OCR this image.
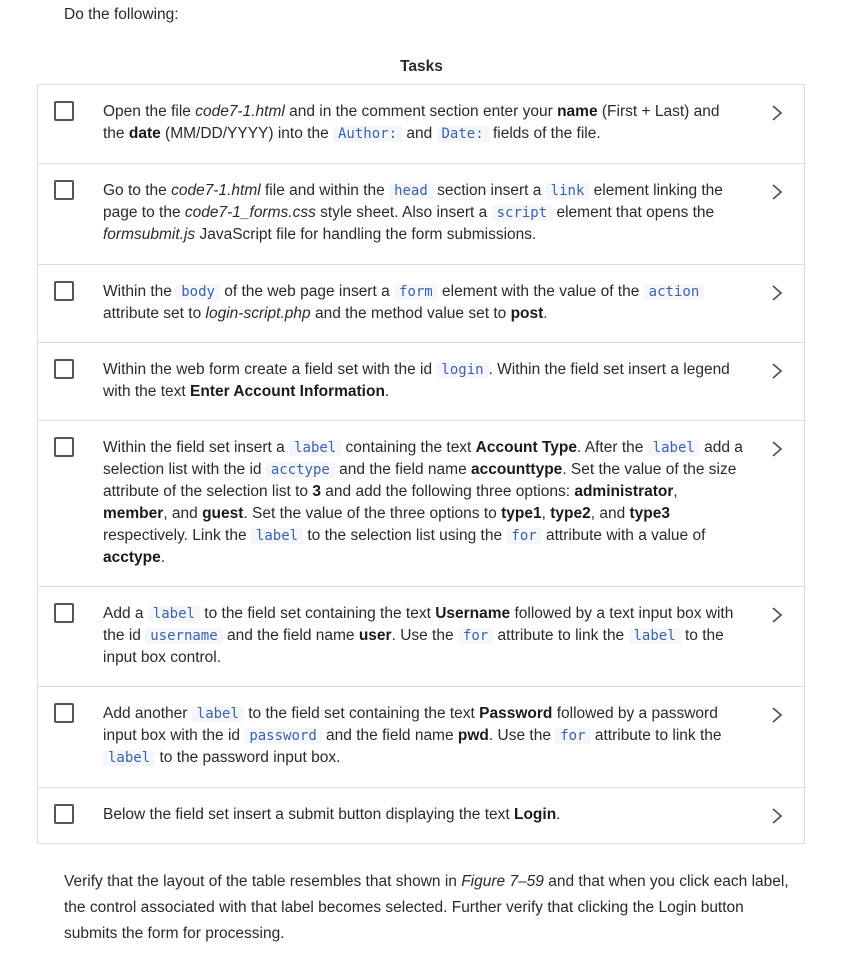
Do the following:
Tasks
Open the file code7-1.html and in the comment section enter your name (First + Last) and the date (MM/DD/YYYY) into the Author: and Date: fields of the file.
Go to the code7-1.html file and within the head section insert a link element linking the page to the code7-1_forms.css style sheet. Also insert a script element that opens the formsubmit.js JavaScript file for handling the form submissions.
Within the body of the web page insert a form element with the value of the action attribute set to login-script.php and the method value set to post.
Within the web form create a field set with the id login . Within the field set insert a legend with the text Enter Account Information.
Within the field set insert a label containing the text Account Type. After the label add a selection list with the id acctype and the field name accounttype. Set the value of the size attribute of the selection list to 3 and add the following three options: administrator, member, and guest. Set the value of the three options to type1, type2, and type3 respectively. Link the label to the selection list using the for attribute with a value of acctype.
Add a label to the field set containing the text Username followed by a text input box with the id username and the field name user. Use the for attribute to link the label to the input box control.
Add another label to the field set containing the text Password followed by a password input box with the id password and the field name pwd. Use the for attribute to link the label to the password input box.
Below the field set insert a submit button displaying the text Login.
Verify that the layout of the table resembles that shown in Figure 7–59 and that when you click each label, the control associated with that label becomes selected. Further verify that clicking the Login button submits the form for processing.
